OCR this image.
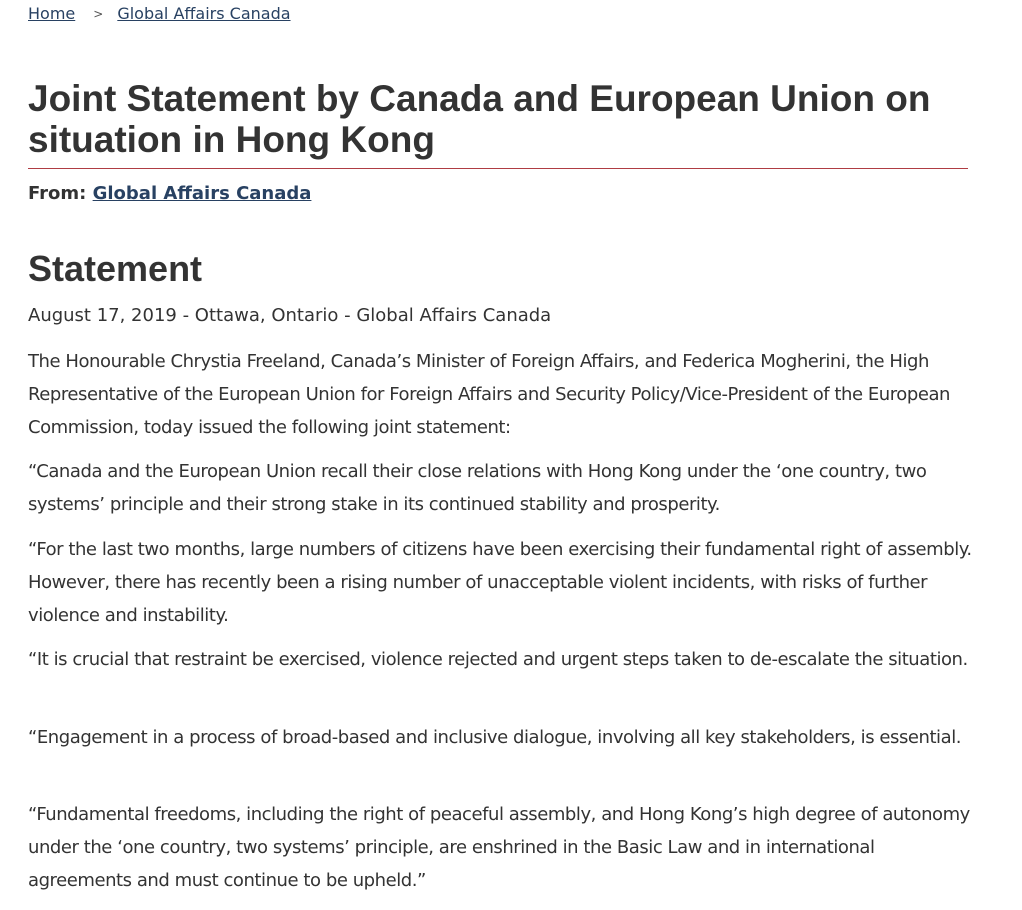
Home > Global Affairs Canada
Joint Statement by Canada and European Union on situation in Hong Kong
From: Global Affairs Canada
Statement
August 17, 2019 - Ottawa, Ontario - Global Affairs Canada

The Honourable Chrystia Freeland, Canada’s Minister of Foreign Affairs, and Federica Mogherini, the High Representative of the European Union for Foreign Affairs and Security Policy/Vice-President of the European Commission, today issued the following joint statement:

“Canada and the European Union recall their close relations with Hong Kong under the ‘one country, two systems’ principle and their strong stake in its continued stability and prosperity.

“For the last two months, large numbers of citizens have been exercising their fundamental right of assembly. However, there has recently been a rising number of unacceptable violent incidents, with risks of further violence and instability.

“It is crucial that restraint be exercised, violence rejected and urgent steps taken to de-escalate the situation.

“Engagement in a process of broad-based and inclusive dialogue, involving all key stakeholders, is essential.

“Fundamental freedoms, including the right of peaceful assembly, and Hong Kong’s high degree of autonomy under the ‘one country, two systems’ principle, are enshrined in the Basic Law and in international agreements and must continue to be upheld.”
